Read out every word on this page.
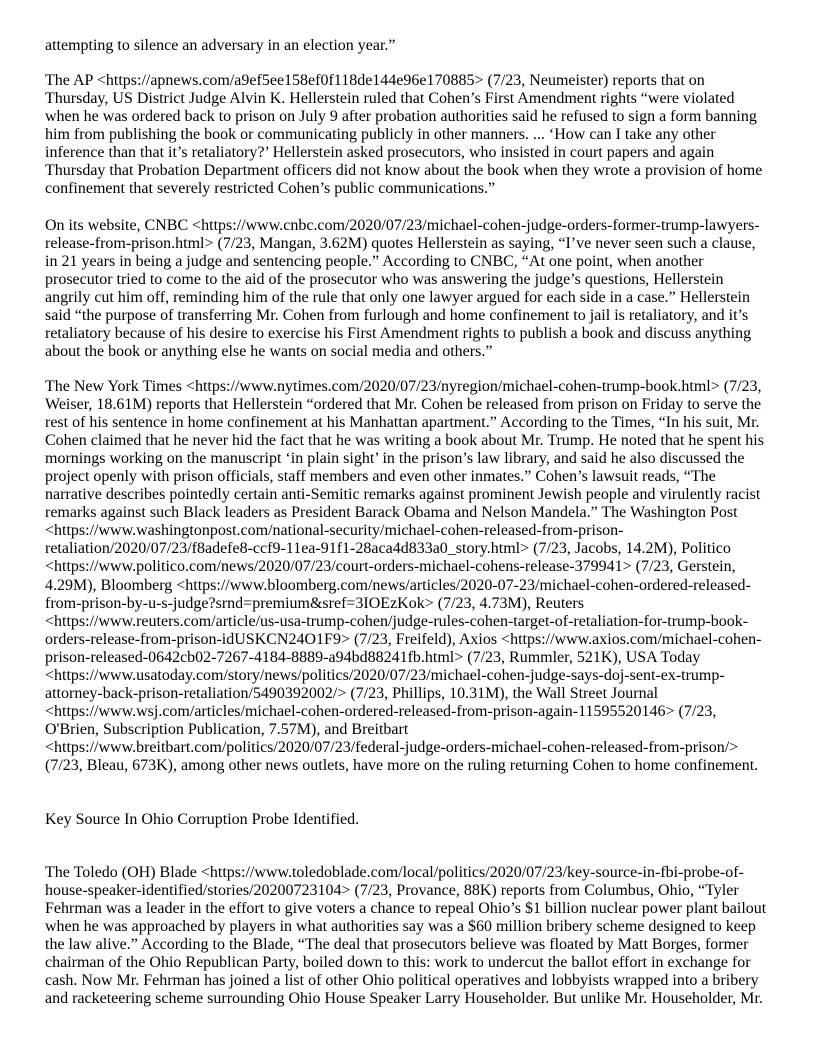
attempting to silence an adversary in an election year.”
The AP <https://apnews.com/a9ef5ee158ef0f118de144e96e170885> (7/23, Neumeister) reports that on
Thursday, US District Judge Alvin K. Hellerstein ruled that Cohen’s First Amendment rights “were violated
when he was ordered back to prison on July 9 after probation authorities said he refused to sign a form banning
him from publishing the book or communicating publicly in other manners. ... ‘How can I take any other
inference than that it’s retaliatory?’ Hellerstein asked prosecutors, who insisted in court papers and again
Thursday that Probation Department officers did not know about the book when they wrote a provision of home
confinement that severely restricted Cohen’s public communications.”
On its website, CNBC <https://www.cnbc.com/2020/07/23/michael-cohen-judge-orders-former-trump-lawyers-
release-from-prison.html> (7/23, Mangan, 3.62M) quotes Hellerstein as saying, “I’ve never seen such a clause,
in 21 years in being a judge and sentencing people.” According to CNBC, “At one point, when another
prosecutor tried to come to the aid of the prosecutor who was answering the judge’s questions, Hellerstein
angrily cut him off, reminding him of the rule that only one lawyer argued for each side in a case.” Hellerstein
said “the purpose of transferring Mr. Cohen from furlough and home confinement to jail is retaliatory, and it’s
retaliatory because of his desire to exercise his First Amendment rights to publish a book and discuss anything
about the book or anything else he wants on social media and others.”
The New York Times <https://www.nytimes.com/2020/07/23/nyregion/michael-cohen-trump-book.html> (7/23,
Weiser, 18.61M) reports that Hellerstein “ordered that Mr. Cohen be released from prison on Friday to serve the
rest of his sentence in home confinement at his Manhattan apartment.” According to the Times, “In his suit, Mr.
Cohen claimed that he never hid the fact that he was writing a book about Mr. Trump. He noted that he spent his
mornings working on the manuscript ‘in plain sight’ in the prison’s law library, and said he also discussed the
project openly with prison officials, staff members and even other inmates.” Cohen’s lawsuit reads, “The
narrative describes pointedly certain anti-Semitic remarks against prominent Jewish people and virulently racist
remarks against such Black leaders as President Barack Obama and Nelson Mandela.” The Washington Post
<https://www.washingtonpost.com/national-security/michael-cohen-released-from-prison-
retaliation/2020/07/23/f8adefe8-ccf9-11ea-91f1-28aca4d833a0_story.html> (7/23, Jacobs, 14.2M), Politico
<https://www.politico.com/news/2020/07/23/court-orders-michael-cohens-release-379941> (7/23, Gerstein,
4.29M), Bloomberg <https://www.bloomberg.com/news/articles/2020-07-23/michael-cohen-ordered-released-
from-prison-by-u-s-judge?srnd=premium&sref=3IOEzKok> (7/23, 4.73M), Reuters
<https://www.reuters.com/article/us-usa-trump-cohen/judge-rules-cohen-target-of-retaliation-for-trump-book-
orders-release-from-prison-idUSKCN24O1F9> (7/23, Freifeld), Axios <https://www.axios.com/michael-cohen-
prison-released-0642cb02-7267-4184-8889-a94bd88241fb.html> (7/23, Rummler, 521K), USA Today
<https://www.usatoday.com/story/news/politics/2020/07/23/michael-cohen-judge-says-doj-sent-ex-trump-
attorney-back-prison-retaliation/5490392002/> (7/23, Phillips, 10.31M), the Wall Street Journal
<https://www.wsj.com/articles/michael-cohen-ordered-released-from-prison-again-11595520146> (7/23,
O'Brien, Subscription Publication, 7.57M), and Breitbart
<https://www.breitbart.com/politics/2020/07/23/federal-judge-orders-michael-cohen-released-from-prison/>
(7/23, Bleau, 673K), among other news outlets, have more on the ruling returning Cohen to home confinement.
Key Source In Ohio Corruption Probe Identified.
The Toledo (OH) Blade <https://www.toledoblade.com/local/politics/2020/07/23/key-source-in-fbi-probe-of-
house-speaker-identified/stories/20200723104> (7/23, Provance, 88K) reports from Columbus, Ohio, “Tyler
Fehrman was a leader in the effort to give voters a chance to repeal Ohio’s $1 billion nuclear power plant bailout
when he was approached by players in what authorities say was a $60 million bribery scheme designed to keep
the law alive.” According to the Blade, “The deal that prosecutors believe was floated by Matt Borges, former
chairman of the Ohio Republican Party, boiled down to this: work to undercut the ballot effort in exchange for
cash. Now Mr. Fehrman has joined a list of other Ohio political operatives and lobbyists wrapped into a bribery
and racketeering scheme surrounding Ohio House Speaker Larry Householder. But unlike Mr. Householder, Mr.
